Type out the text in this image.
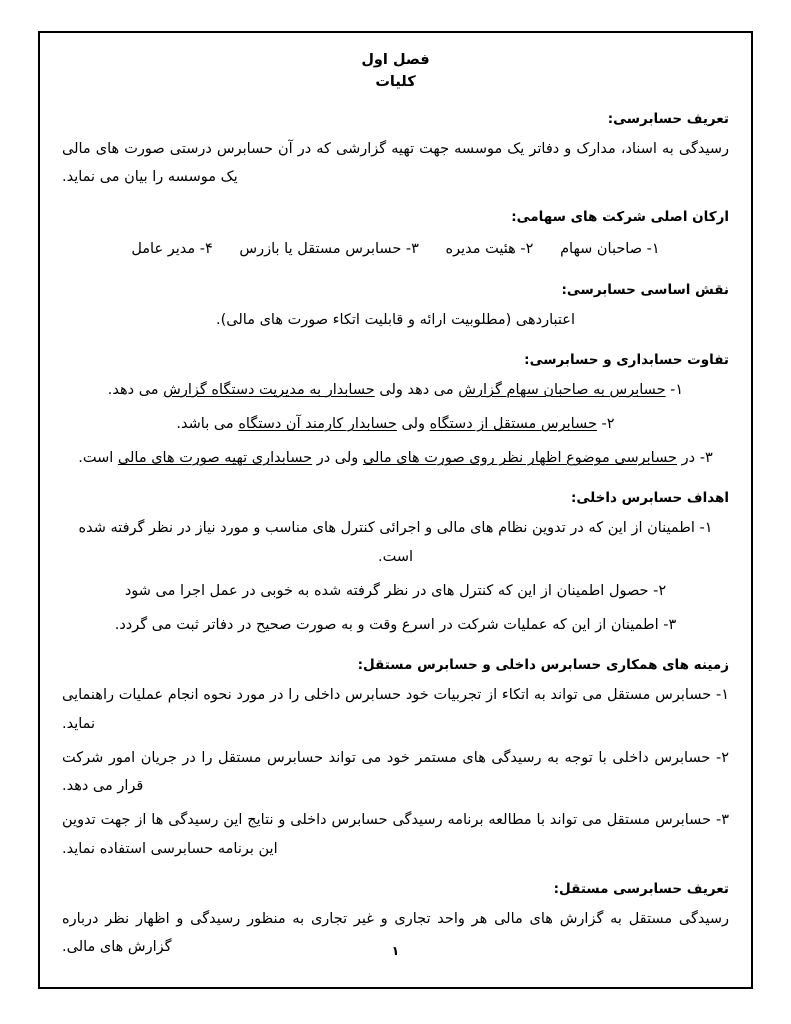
فصل اول
کلیات
تعریف حسابرسی:

رسیدگی به اسناد، مدارک و دفاتر یک موسسه جهت تهیه گزارشی که در آن حسابرس درستی صورت های مالی یک موسسه را بیان می نماید.

ارکان اصلی شرکت های سهامی:
۱- صاحبان سهام ۲- هئیت مدیره ۳- حسابرس مستقل یا بازرس ۴- مدیر عامل
نقش اساسی حسابرسی:

اعتباردهی (مطلوبیت ارائه و قابلیت اتکاء صورت های مالی).

تفاوت حسابداری و حسابرسی:
۱- حسابرس به صاحبان سهام گزارش می دهد ولی حسابدار به مدیریت دستگاه گزارش می دهد.
۲- حسابرس مستقل از دستگاه ولی حسابدار کارمند آن دستگاه می باشد.
۳- در حسابرسی موضوع اظهار نظر روی صورت های مالی ولی در حسابداری تهیه صورت های مالی است.
اهداف حسابرس داخلی:
۱- اطمینان از این که در تدوین نظام های مالی و اجرائی کنترل های مناسب و مورد نیاز در نظر گرفته شده است.
۲- حصول اطمینان از این که کنترل های در نظر گرفته شده به خوبی در عمل اجرا می شود
۳- اطمینان از این که عملیات شرکت در اسرع وقت و به صورت صحیح در دفاتر ثبت می گردد.
زمینه های همکاری حسابرس داخلی و حسابرس مستقل:
۱- حسابرس مستقل می تواند به اتکاء از تجربیات خود حسابرس داخلی را در مورد نحوه انجام عملیات راهنمایی نماید.
۲- حسابرس داخلی با توجه به رسیدگی های مستمر خود می تواند حسابرس مستقل را در جریان امور شرکت قرار می دهد.
۳- حسابرس مستقل می تواند با مطالعه برنامه رسیدگی حسابرس داخلی و نتایج این رسیدگی ها از جهت تدوین این برنامه حسابرسی استفاده نماید.
تعریف حسابرسی مستقل:

رسیدگی مستقل به گزارش های مالی هر واحد تجاری و غیر تجاری به منظور رسیدگی و اظهار نظر درباره گزارش های مالی.	۱
